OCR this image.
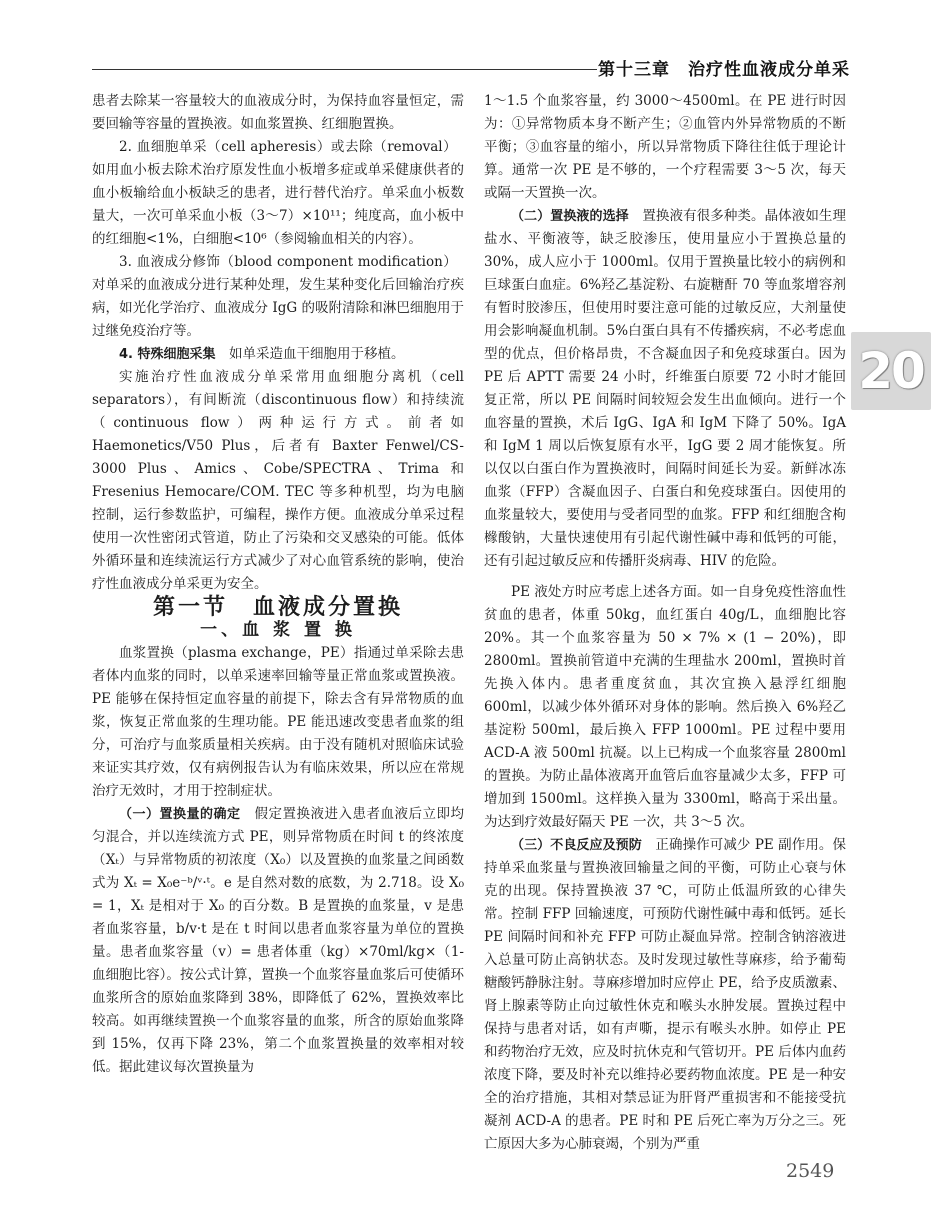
第十三章　治疗性血液成分单采

患者去除某一容量较大的血液成分时，为保持血容量恒定，需要回输等容量的置换液。如血浆置换、红细胞置换。

2. 血细胞单采（cell apheresis）或去除（removal）　如用血小板去除术治疗原发性血小板增多症或单采健康供者的血小板输给血小板缺乏的患者，进行替代治疗。单采血小板数量大，一次可单采血小板（3～7）×10¹¹；纯度高，血小板中的红细胞<1%，白细胞<10⁶（参阅输血相关的内容）。

3. 血液成分修饰（blood component modification）　对单采的血液成分进行某种处理，发生某种变化后回输治疗疾病，如光化学治疗、血液成分 IgG 的吸附清除和淋巴细胞用于过继免疫治疗等。

4. 特殊细胞采集　如单采造血干细胞用于移植。

实施治疗性血液成分单采常用血细胞分离机（cell separators），有间断流（discontinuous flow）和持续流（continuous flow）两种运行方式。前者如 Haemonetics/V50 Plus，后者有 Baxter Fenwel/CS-3000 Plus、Amics、Cobe/SPECTRA、Trima 和 Fresenius Hemocare/COM. TEC 等多种机型，均为电脑控制，运行参数监护，可编程，操作方便。血液成分单采过程使用一次性密闭式管道，防止了污染和交叉感染的可能。低体外循环量和连续流运行方式减少了对心血管系统的影响，使治疗性血液成分单采更为安全。

第一节　血液成分置换

一、血 浆 置 换

血浆置换（plasma exchange，PE）指通过单采除去患者体内血浆的同时，以单采速率回输等量正常血浆或置换液。PE 能够在保持恒定血容量的前提下，除去含有异常物质的血浆，恢复正常血浆的生理功能。PE 能迅速改变患者血浆的组分，可治疗与血浆质量相关疾病。由于没有随机对照临床试验来证实其疗效，仅有病例报告认为有临床效果，所以应在常规治疗无效时，才用于控制症状。

（一）置换量的确定　假定置换液进入患者血液后立即均匀混合，并以连续流方式 PE，则异常物质在时间 t 的终浓度（Xₜ）与异常物质的初浓度（X₀）以及置换的血浆量之间函数式为 Xₜ = X₀e⁻ᵇ/ᵛ·ᵗ。e 是自然对数的底数，为 2.718。设 X₀ = 1，Xₜ 是相对于 X₀ 的百分数。B 是置换的血浆量，v 是患者血浆容量，b/v·t 是在 t 时间以患者血浆容量为单位的置换量。患者血浆容量（v）= 患者体重（kg）×70ml/kg×（1-血细胞比容）。按公式计算，置换一个血浆容量血浆后可使循环血浆所含的原始血浆降到 38%，即降低了 62%，置换效率比较高。如再继续置换一个血浆容量的血浆，所含的原始血浆降到 15%，仅再下降 23%，第二个血浆置换量的效率相对较低。据此建议每次置换量为

1～1.5 个血浆容量，约 3000～4500ml。在 PE 进行时因为：①异常物质本身不断产生；②血管内外异常物质的不断平衡；③血容量的缩小，所以异常物质下降往往低于理论计算。通常一次 PE 是不够的，一个疗程需要 3～5 次，每天或隔一天置换一次。

（二）置换液的选择　置换液有很多种类。晶体液如生理盐水、平衡液等，缺乏胶渗压，使用量应小于置换总量的 30%，成人应小于 1000ml。仅用于置换量比较小的病例和巨球蛋白血症。6%羟乙基淀粉、右旋糖酐 70 等血浆增容剂有暂时胶渗压，但使用时要注意可能的过敏反应，大剂量使用会影响凝血机制。5%白蛋白具有不传播疾病，不必考虑血型的优点，但价格昂贵，不含凝血因子和免疫球蛋白。因为 PE 后 APTT 需要 24 小时，纤维蛋白原要 72 小时才能回复正常，所以 PE 间隔时间较短会发生出血倾向。进行一个血容量的置换，术后 IgG、IgA 和 IgM 下降了 50%。IgA 和 IgM 1 周以后恢复原有水平，IgG 要 2 周才能恢复。所以仅以白蛋白作为置换液时，间隔时间延长为妥。新鲜冰冻血浆（FFP）含凝血因子、白蛋白和免疫球蛋白。因使用的血浆量较大，要使用与受者同型的血浆。FFP 和红细胞含枸橼酸钠，大量快速使用有引起代谢性碱中毒和低钙的可能，还有引起过敏反应和传播肝炎病毒、HIV 的危险。

PE 液处方时应考虑上述各方面。如一自身免疫性溶血性贫血的患者，体重 50kg，血红蛋白 40g/L，血细胞比容 20%。其一个血浆容量为 50 × 7% × (1 − 20%)，即 2800ml。置换前管道中充满的生理盐水 200ml，置换时首先换入体内。患者重度贫血，其次宜换入悬浮红细胞 600ml，以减少体外循环对身体的影响。然后换入 6%羟乙基淀粉 500ml，最后换入 FFP 1000ml。PE 过程中要用 ACD-A 液 500ml 抗凝。以上已构成一个血浆容量 2800ml 的置换。为防止晶体液离开血管后血容量减少太多，FFP 可增加到 1500ml。这样换入量为 3300ml，略高于采出量。为达到疗效最好隔天 PE 一次，共 3～5 次。

（三）不良反应及预防　正确操作可减少 PE 副作用。保持单采血浆量与置换液回输量之间的平衡，可防止心衰与休克的出现。保持置换液 37 ℃，可防止低温所致的心律失常。控制 FFP 回输速度，可预防代谢性碱中毒和低钙。延长 PE 间隔时间和补充 FFP 可防止凝血异常。控制含钠溶液进入总量可防止高钠状态。及时发现过敏性荨麻疹，给予葡萄糖酸钙静脉注射。荨麻疹增加时应停止 PE，给予皮质激素、肾上腺素等防止向过敏性休克和喉头水肿发展。置换过程中保持与患者对话，如有声嘶，提示有喉头水肿。如停止 PE 和药物治疗无效，应及时抗休克和气管切开。PE 后体内血药浓度下降，要及时补充以维持必要药物血浓度。PE 是一种安全的治疗措施，其相对禁忌证为肝肾严重损害和不能接受抗凝剂 ACD-A 的患者。PE 时和 PE 后死亡率为万分之三。死亡原因大多为心肺衰竭，个别为严重

20
2549
